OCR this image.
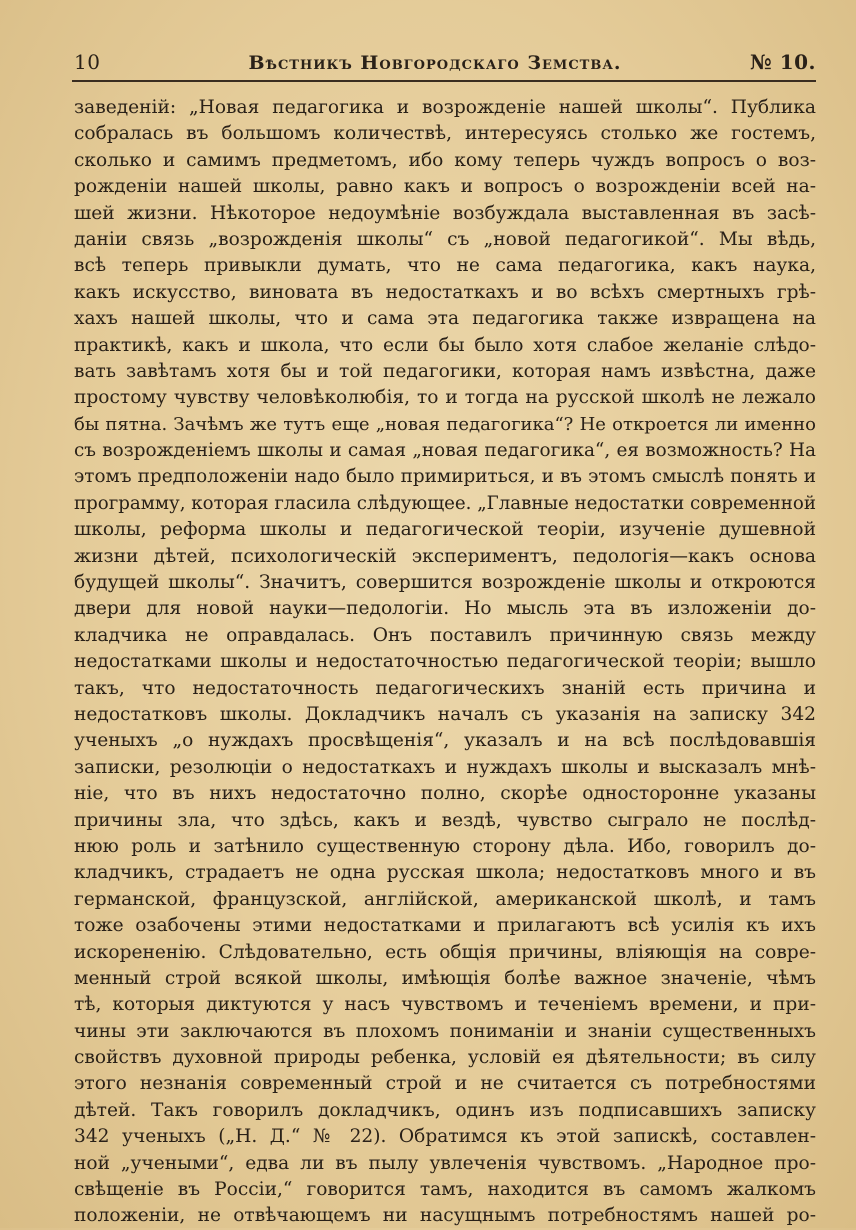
10	Вѣстникъ Новгородскаго Земства.	№ 10.
заведеній: „Новая педагогика и возрожденіе нашей школы“. Публика
собралась въ большомъ количествѣ, интересуясь столько же гостемъ,
сколько и самимъ предметомъ, ибо кому теперь чуждъ вопросъ о воз-
рожденіи нашей школы, равно какъ и вопросъ о возрожденіи всей на-
шей жизни. Нѣкоторое недоумѣніе возбуждала выставленная въ засѣ-
даніи связь „возрожденія школы“ съ „новой педагогикой“. Мы вѣдь,
всѣ теперь привыкли думать, что не сама педагогика, какъ наука,
какъ искусство, виновата въ недостаткахъ и во всѣхъ смертныхъ грѣ-
хахъ нашей школы, что и сама эта педагогика также извращена на
практикѣ, какъ и школа, что если бы было хотя слабое желаніе слѣдо-
вать завѣтамъ хотя бы и той педагогики, которая намъ извѣстна, даже
простому чувству человѣколюбія, то и тогда на русской школѣ не лежало
бы пятна. Зачѣмъ же тутъ еще „новая педагогика“? Не откроется ли именно
съ возрожденіемъ школы и самая „новая педагогика“, ея возможность? На
этомъ предположеніи надо было примириться, и въ этомъ смыслѣ понять и
программу, которая гласила слѣдующее. „Главные недостатки современной
школы, реформа школы и педагогической теоріи, изученіе душевной
жизни дѣтей, психологическій экспериментъ, педологія—какъ основа
будущей школы“. Значитъ, совершится возрожденіе школы и откроются
двери для новой науки—педологіи. Но мысль эта въ изложеніи до-
кладчика не оправдалась. Онъ поставилъ причинную связь между
недостатками школы и недостаточностью педагогической теоріи; вышло
такъ, что недостаточность педагогическихъ знаній есть причина и
недостатковъ школы. Докладчикъ началъ съ указанія на записку 342
ученыхъ „о нуждахъ просвѣщенія“, указалъ и на всѣ послѣдовавшія
записки, резолюціи о недостаткахъ и нуждахъ школы и высказалъ мнѣ-
ніе, что въ нихъ недостаточно полно, скорѣе односторонне указаны
причины зла, что здѣсь, какъ и вездѣ, чувство сыграло не послѣд-
нюю роль и затѣнило существенную сторону дѣла. Ибо, говорилъ до-
кладчикъ, страдаетъ не одна русская школа; недостатковъ много и въ
германской, французской, англійской, американской школѣ, и тамъ
тоже озабочены этими недостатками и прилагаютъ всѣ усилія къ ихъ
искорененію. Слѣдовательно, есть общія причины, вліяющія на совре-
менный строй всякой школы, имѣющія болѣе важное значеніе, чѣмъ
тѣ, которыя диктуются у насъ чувствомъ и теченіемъ времени, и при-
чины эти заключаются въ плохомъ пониманіи и знаніи существенныхъ
свойствъ духовной природы ребенка, условій ея дѣятельности; въ силу
этого незнанія современный строй и не считается съ потребностями
дѣтей. Такъ говорилъ докладчикъ, одинъ изъ подписавшихъ записку
342 ученыхъ („Н. Д.“ № 22). Обратимся къ этой запискѣ, составлен-
ной „учеными“, едва ли въ пылу увлеченія чувствомъ. „Народное про-
свѣщеніе въ Россіи,“ говорится тамъ, находится въ самомъ жалкомъ
положеніи, не отвѣчающемъ ни насущнымъ потребностямъ нашей ро-
